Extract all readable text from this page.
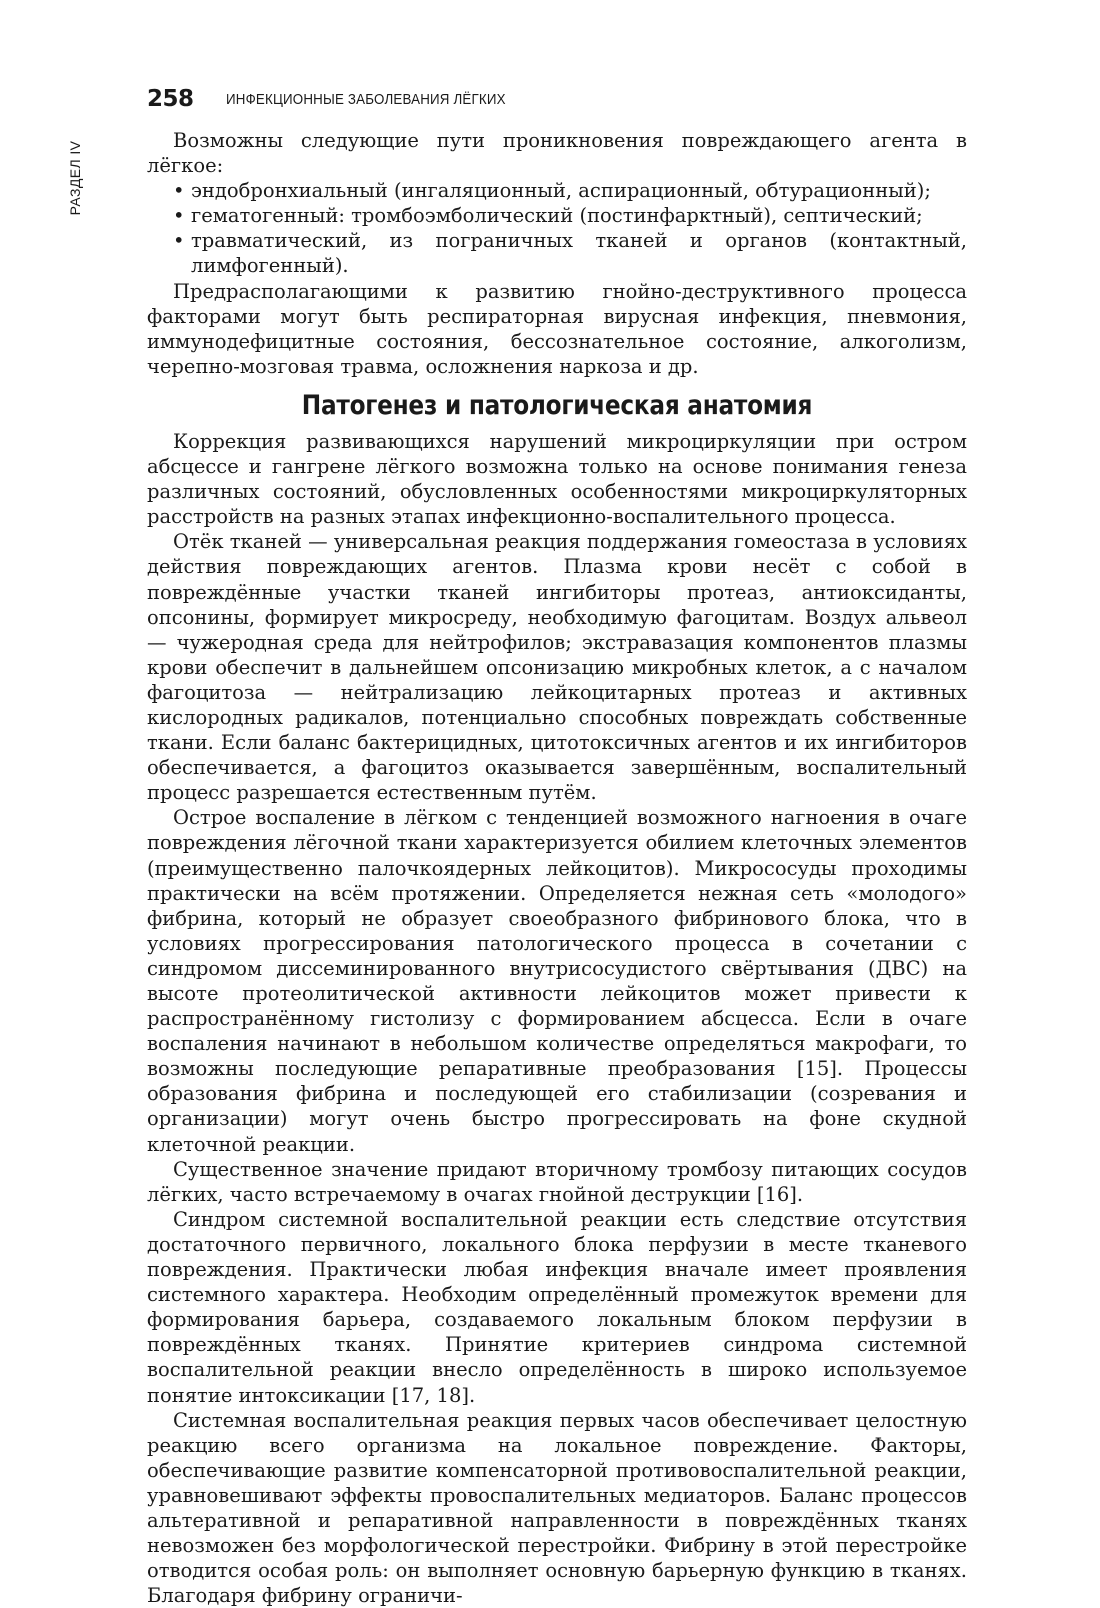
258 ИНФЕКЦИОННЫЕ ЗАБОЛЕВАНИЯ ЛЁГКИХ
РАЗДЕЛ IV

Возможны следующие пути проникновения повреждающего агента в лёгкое:

• эндобронхиальный (ингаляционный, аспирационный, обтурационный);
• гематогенный: тромбоэмболический (постинфарктный), септический;
• травматический, из пограничных тканей и органов (контактный, лимфогенный).

Предрасполагающими к развитию гнойно-деструктивного процесса факторами могут быть респираторная вирусная инфекция, пневмония, иммунодефицитные состояния, бессознательное состояние, алкоголизм, черепно-мозговая травма, осложнения наркоза и др.

Патогенез и патологическая анатомия

Коррекция развивающихся нарушений микроциркуляции при остром абсцессе и гангрене лёгкого возможна только на основе понимания генеза различных состояний, обусловленных особенностями микроциркуляторных расстройств на разных этапах инфекционно-воспалительного процесса.

Отёк тканей — универсальная реакция поддержания гомеостаза в условиях действия повреждающих агентов. Плазма крови несёт с собой в повреждённые участки тканей ингибиторы протеаз, антиоксиданты, опсонины, формирует микросреду, необходимую фагоцитам. Воздух альвеол — чужеродная среда для нейтрофилов; экстравазация компонентов плазмы крови обеспечит в дальнейшем опсонизацию микробных клеток, а с началом фагоцитоза — нейтрализацию лейкоцитарных протеаз и активных кислородных радикалов, потенциально способных повреждать собственные ткани. Если баланс бактерицидных, цитотоксичных агентов и их ингибиторов обеспечивается, а фагоцитоз оказывается завершённым, воспалительный процесс разрешается естественным путём.

Острое воспаление в лёгком с тенденцией возможного нагноения в очаге повреждения лёгочной ткани характеризуется обилием клеточных элементов (преимущественно палочкоядерных лейкоцитов). Микрососуды проходимы практически на всём протяжении. Определяется нежная сеть «молодого» фибрина, который не образует своеобразного фибринового блока, что в условиях прогрессирования патологического процесса в сочетании с синдромом диссеминированного внутрисосудистого свёртывания (ДВС) на высоте протеолитической активности лейкоцитов может привести к распространённому гистолизу с формированием абсцесса. Если в очаге воспаления начинают в небольшом количестве определяться макрофаги, то возможны последующие репаративные преобразования [15]. Процессы образования фибрина и последующей его стабилизации (созревания и организации) могут очень быстро прогрессировать на фоне скудной клеточной реакции.

Существенное значение придают вторичному тромбозу питающих сосудов лёгких, часто встречаемому в очагах гнойной деструкции [16].

Синдром системной воспалительной реакции есть следствие отсутствия достаточного первичного, локального блока перфузии в месте тканевого повреждения. Практически любая инфекция вначале имеет проявления системного характера. Необходим определённый промежуток времени для формирования барьера, создаваемого локальным блоком перфузии в повреждённых тканях. Принятие критериев синдрома системной воспалительной реакции внесло определённость в широко используемое понятие интоксикации [17, 18].

Системная воспалительная реакция первых часов обеспечивает целостную реакцию всего организма на локальное повреждение. Факторы, обеспечивающие развитие компенсаторной противовоспалительной реакции, уравновешивают эффекты провоспалительных медиаторов. Баланс процессов альтеративной и репаративной направленности в повреждённых тканях невозможен без морфологической перестройки. Фибрину в этой перестройке отводится особая роль: он выполняет основную барьерную функцию в тканях. Благодаря фибрину ограничи-
